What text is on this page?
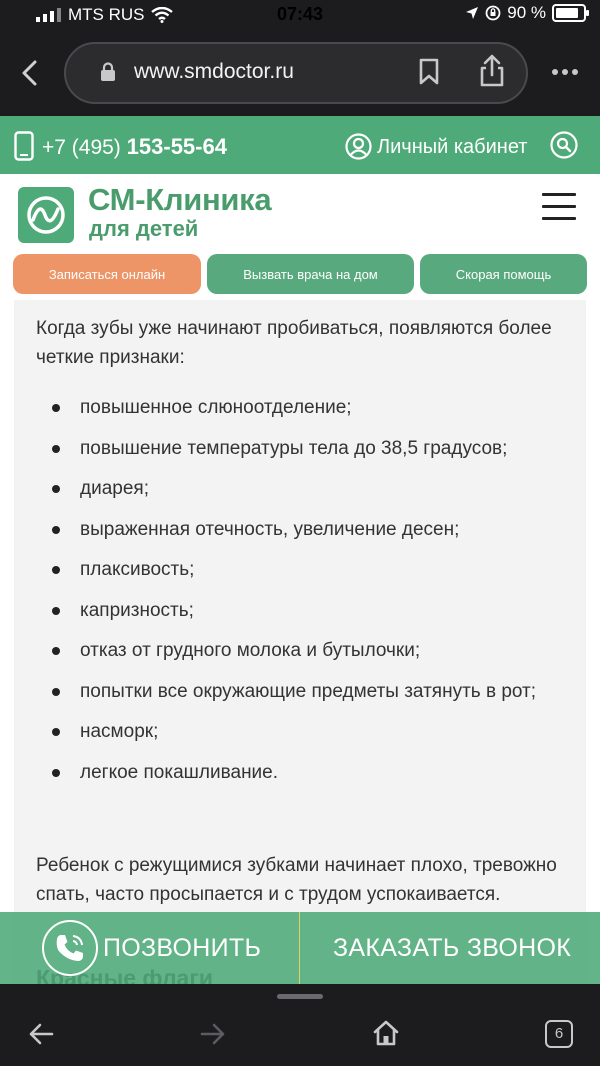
MTS RUS	07:43	90 %
www.smdoctor.ru
+7 (495) 153-55-64	Личный кабинет
СМ-Клиника
для детей
Записаться онлайн	Вызвать врача на дом	Скорая помощь

Когда зубы уже начинают пробиваться, появляются более четкие признаки:

повышенное слюноотделение;
повышение температуры тела до 38,5 градусов;
диарея;
выраженная отечность, увеличение десен;
плаксивость;
капризность;
отказ от грудного молока и бутылочки;
попытки все окружающие предметы затянуть в рот;
насморк;
легкое покашливание.

Ребенок с режущимися зубками начинает плохо, тревожно спать, часто просыпается и с трудом успокаивается.

ПОЗВОНИТЬ	ЗАКАЗАТЬ ЗВОНОК
6
